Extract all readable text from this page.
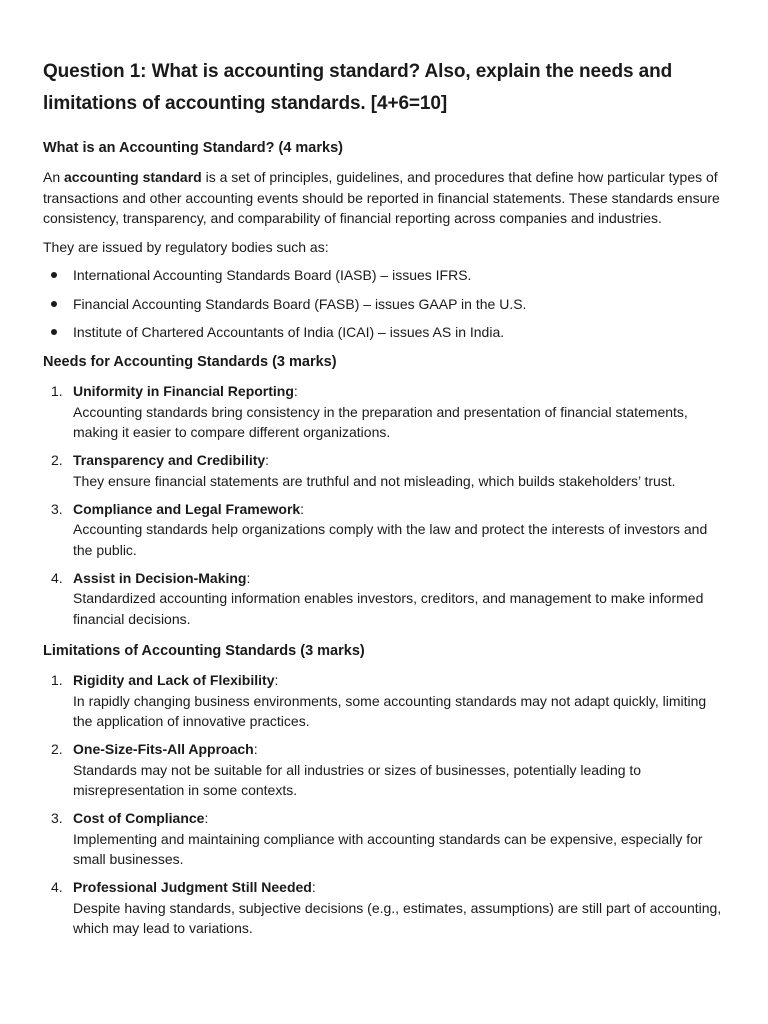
Question 1: What is accounting standard? Also, explain the needs and limitations of accounting standards. [4+6=10]
What is an Accounting Standard? (4 marks)

An accounting standard is a set of principles, guidelines, and procedures that define how particular types of transactions and other accounting events should be reported in financial statements. These standards ensure consistency, transparency, and comparability of financial reporting across companies and industries.

They are issued by regulatory bodies such as:

International Accounting Standards Board (IASB) – issues IFRS.
Financial Accounting Standards Board (FASB) – issues GAAP in the U.S.
Institute of Chartered Accountants of India (ICAI) – issues AS in India.
Needs for Accounting Standards (3 marks)
1. Uniformity in Financial Reporting:
Accounting standards bring consistency in the preparation and presentation of financial statements, making it easier to compare different organizations.
2. Transparency and Credibility:
They ensure financial statements are truthful and not misleading, which builds stakeholders’ trust.
3. Compliance and Legal Framework:
Accounting standards help organizations comply with the law and protect the interests of investors and the public.
4. Assist in Decision-Making:
Standardized accounting information enables investors, creditors, and management to make informed financial decisions.
Limitations of Accounting Standards (3 marks)
1. Rigidity and Lack of Flexibility:
In rapidly changing business environments, some accounting standards may not adapt quickly, limiting the application of innovative practices.
2. One-Size-Fits-All Approach:
Standards may not be suitable for all industries or sizes of businesses, potentially leading to misrepresentation in some contexts.
3. Cost of Compliance:
Implementing and maintaining compliance with accounting standards can be expensive, especially for small businesses.
4. Professional Judgment Still Needed:
Despite having standards, subjective decisions (e.g., estimates, assumptions) are still part of accounting, which may lead to variations.
